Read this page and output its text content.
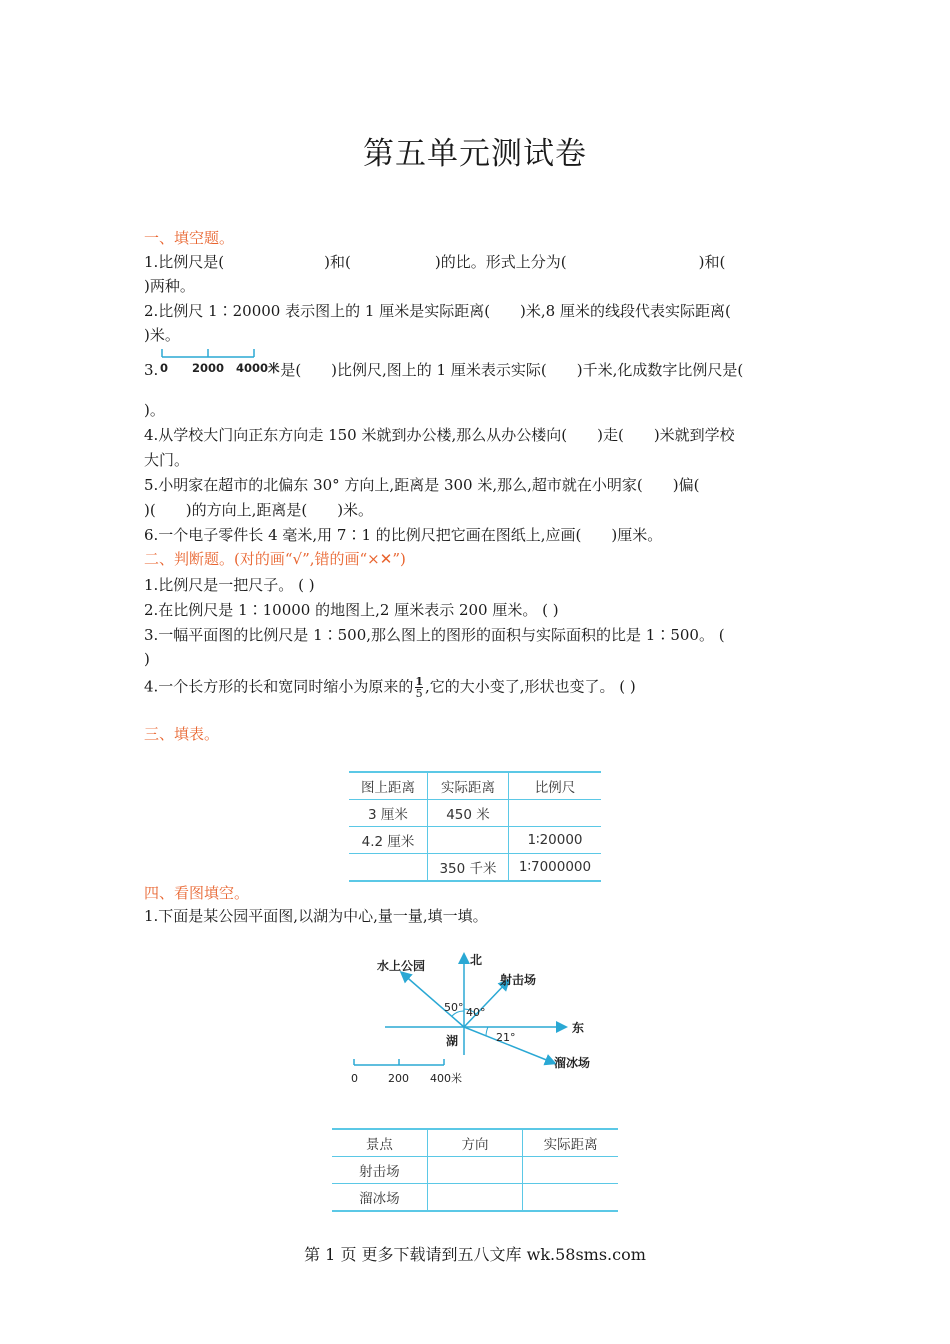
第五单元测试卷
一、填空题。
1.比例尺是(	)和(	)的比。形式上分为(	)和(
)两种。
2.比例尺 1∶20000 表示图上的 1 厘米是实际距离( )米,8 厘米的线段代表实际距离(
)米。
0 2000 4000米
3.	是( )比例尺,图上的 1 厘米表示实际( )千米,化成数字比例尺是(
)。
4.从学校大门向正东方向走 150 米就到办公楼,那么从办公楼向( )走( )米就到学校
大门。
5.小明家在超市的北偏东 30° 方向上,距离是 300 米,那么,超市就在小明家( )偏(
)( )的方向上,距离是( )米。
6.一个电子零件长 4 毫米,用 7∶1 的比例尺把它画在图纸上,应画( )厘米。
二、判断题。(对的画“√”,错的画“×✕”)
1.比例尺是一把尺子。 ( )
2.在比例尺是 1∶10000 的地图上,2 厘米表示 200 厘米。 ( )
3.一幅平面图的比例尺是 1∶500,那么图上的图形的面积与实际面积的比是 1∶500。 (
)
4.一个长方形的长和宽同时缩小为原来的 $\frac{1}{5}$ ,它的大小变了,形状也变了。 ( )
三、填表。
图上距离	实际距离	比例尺
3 厘米	450 米	
4.2 厘米		1∶20000
	350 千米	1∶7000000
四、看图填空。
1.下面是某公园平面图,以湖为中心,量一量,填一填。
北
东
湖
水上公园
射击场
溜冰场
50° 40°
21°
0	200 400米
景点	方向	实际距离
射击场		
溜冰场		
第 1 页 更多下载请到五八文库 wk.58sms.com
